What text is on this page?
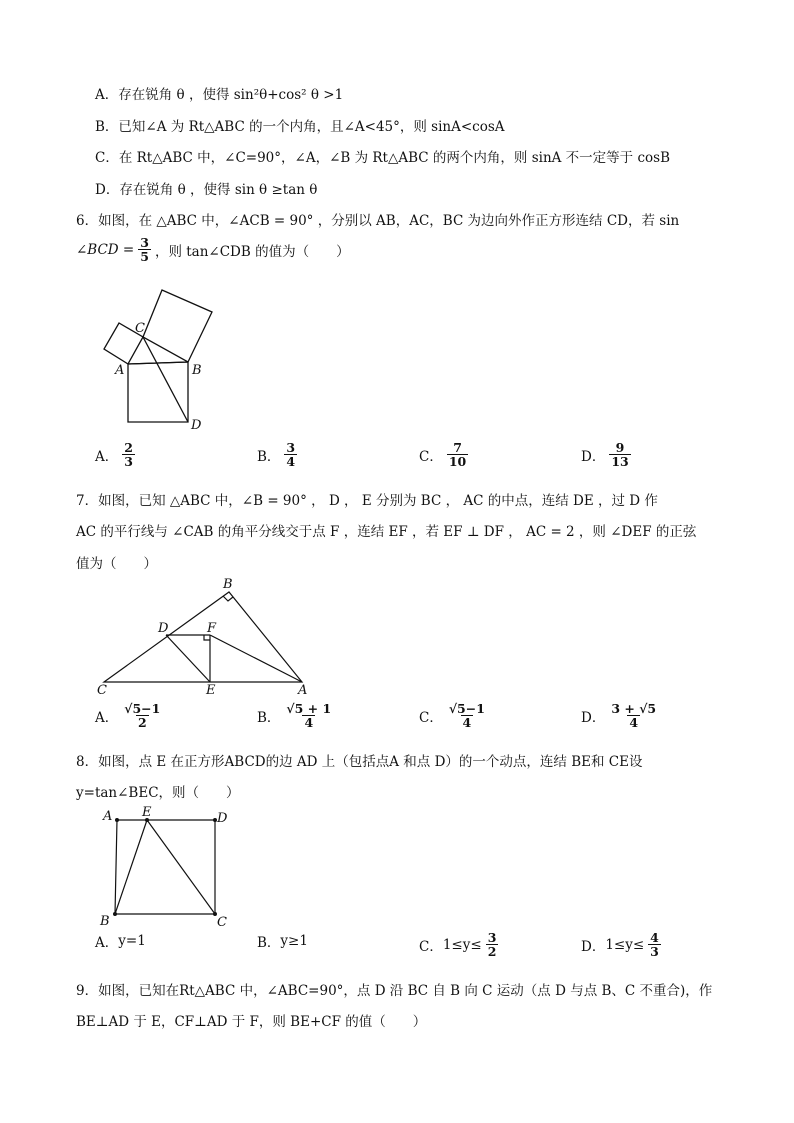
A．存在锐角 θ ，使得 sin²θ+cos² θ >1
B．已知∠A 为 Rt△ABC 的一个内角，且∠A<45°，则 sinA<cosA
C．在 Rt△ABC 中，∠C=90°，∠A，∠B 为 Rt△ABC 的两个内角，则 sinA 不一定等于 cosB
D．存在锐角 θ ，使得 sin θ ≥tan θ
6．如图，在 △ABC 中，∠ACB = 90° ，分别以 AB，AC，BC 为边向外作正方形连结 CD，若 sin
∠BCD = $\frac{3}{5}$ ，则 tan∠CDB 的值为（　　）
C
A	B
D
A． $\frac{2}{3}$	B． $\frac{3}{4}$	C． $\frac{7}{10}$	D． $\frac{9}{13}$
7．如图，已知 △ABC 中，∠B = 90° ， D ， E 分别为 BC ， AC 的中点，连结 DE ，过 D 作
AC 的平行线与 ∠CAB 的角平分线交于点 F ，连结 EF ，若 EF ⊥ DF ， AC = 2 ，则 ∠DEF 的正弦
值为（　　）
B
D	F
C	E	A
A． $\frac{√5-1}{2}$	B． $\frac{√5 + 1}{4}$	C． $\frac{√5-1}{4}$	D． $\frac{3 + √5}{4}$
8．如图，点 E 在正方形ABCD的边 AD 上（包括点A 和点 D）的一个动点，连结 BE和 CE设
y=tan∠BEC，则（　　）
A E	D
B	C
A． y=1	B． y≥1	C． $1\le y\le \frac{3}{2}$	D． $1\le y\le \frac{4}{3}$
9．如图，已知在Rt△ABC 中，∠ABC=90°，点 D 沿 BC 自 B 向 C 运动（点 D 与点 B、C 不重合)，作
BE⊥AD 于 E，CF⊥AD 于 F，则 BE+CF 的值（　　）
